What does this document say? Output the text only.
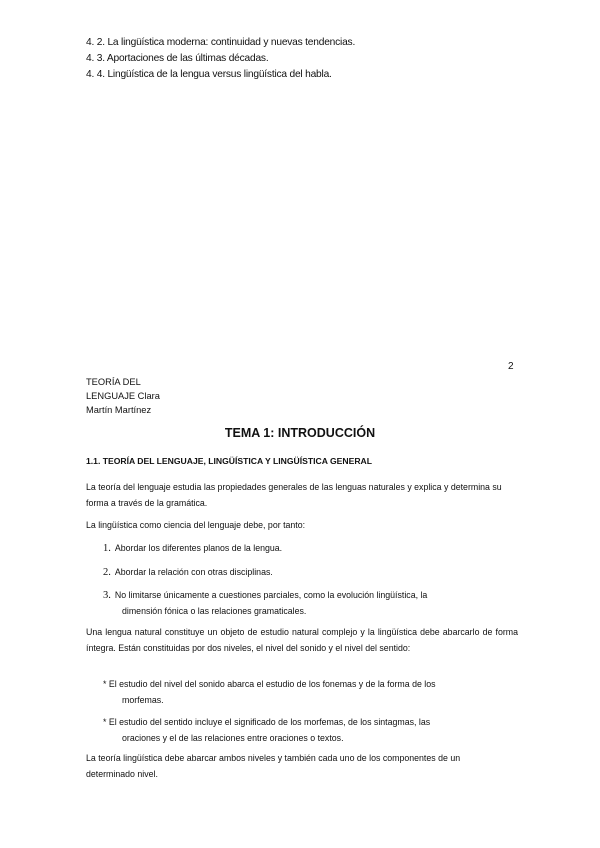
4. 2. La lingüística moderna: continuidad y nuevas tendencias.
4. 3. Aportaciones de las últimas décadas.
4. 4. Lingüística de la lengua versus lingüística del habla.
2
TEORÍA DEL
LENGUAJE Clara
Martín Martínez
TEMA 1: INTRODUCCIÓN
1.1. TEORÍA DEL LENGUAJE, LINGÜÍSTICA Y LINGÜÍSTICA GENERAL
La teoría del lenguaje estudia las propiedades generales de las lenguas naturales y explica y determina su forma a través de la gramática.
La lingüística como ciencia del lenguaje debe, por tanto:
1. Abordar los diferentes planos de la lengua.
2. Abordar la relación con otras disciplinas.
3. No limitarse únicamente a cuestiones parciales, como la evolución lingüística, la
dimensión fónica o las relaciones gramaticales.
Una lengua natural constituye un objeto de estudio natural complejo y la lingüística debe abarcarlo de forma íntegra. Están constituidas por dos niveles, el nivel del sonido y el nivel del sentido:
* El estudio del nivel del sonido abarca el estudio de los fonemas y de la forma de los
morfemas.
* El estudio del sentido incluye el significado de los morfemas, de los sintagmas, las
oraciones y el de las relaciones entre oraciones o textos.
La teoría lingüística debe abarcar ambos niveles y también cada uno de los componentes de un determinado nivel.
